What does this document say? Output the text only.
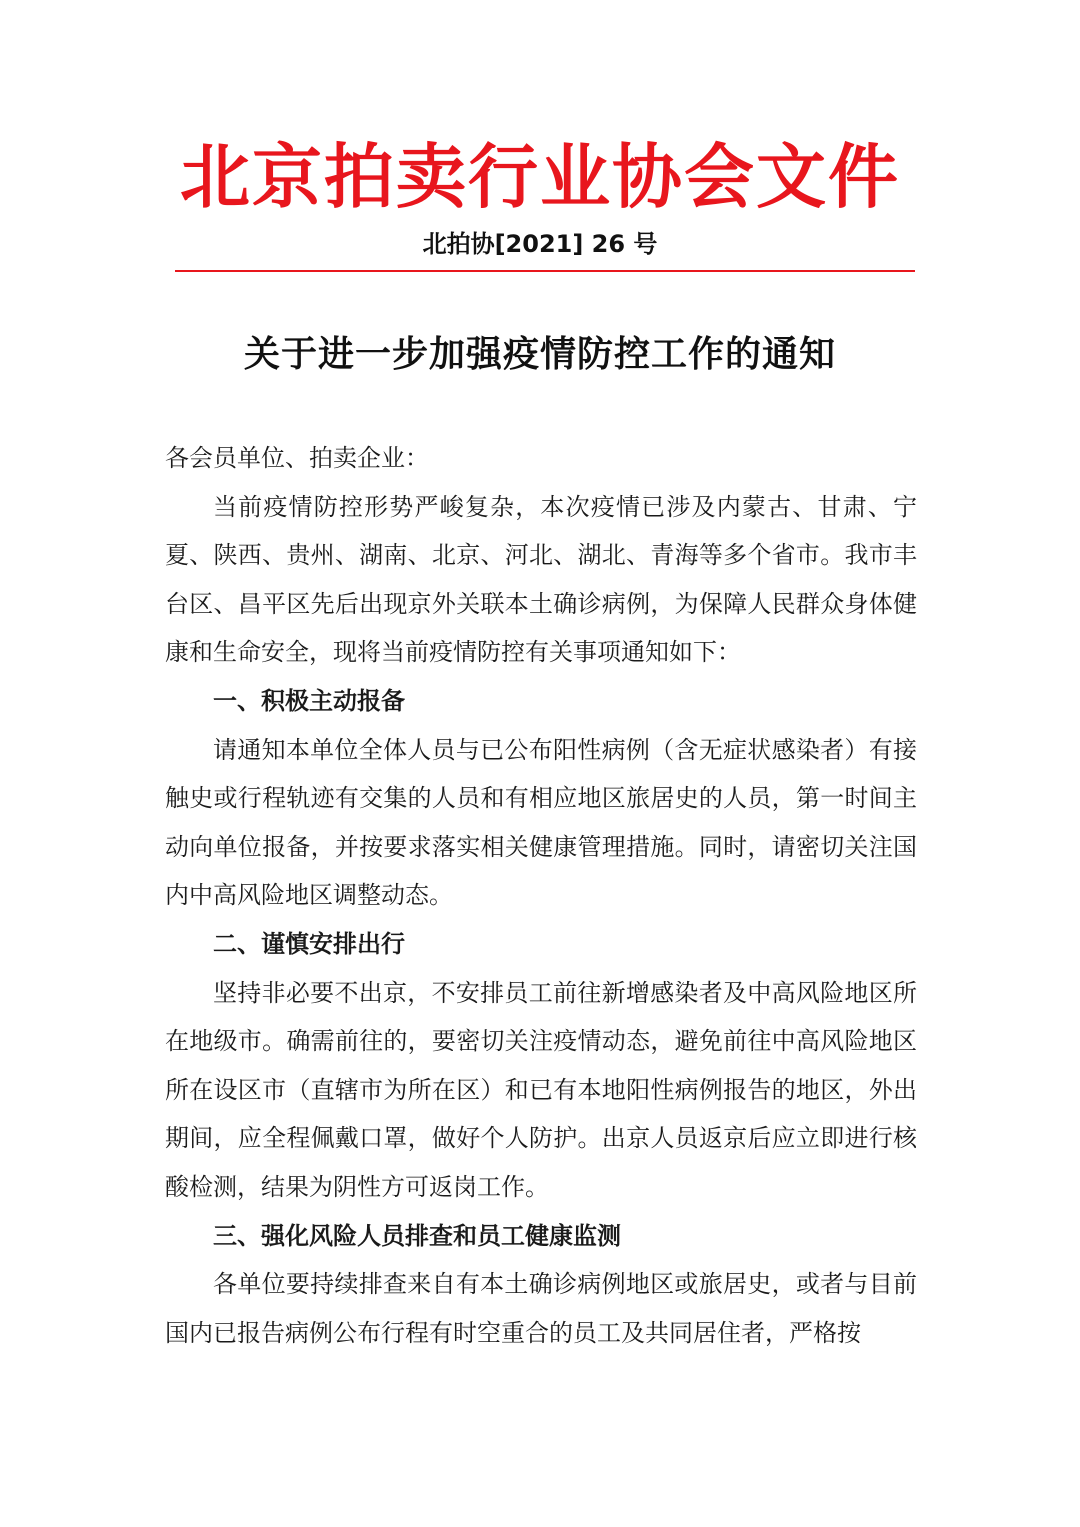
北京拍卖行业协会文件
北拍协[2021] 26 号
关于进一步加强疫情防控工作的通知

各会员单位、拍卖企业：

当前疫情防控形势严峻复杂，本次疫情已涉及内蒙古、甘肃、宁夏、陕西、贵州、湖南、北京、河北、湖北、青海等多个省市。我市丰台区、昌平区先后出现京外关联本土确诊病例，为保障人民群众身体健康和生命安全，现将当前疫情防控有关事项通知如下：

一、积极主动报备

请通知本单位全体人员与已公布阳性病例（含无症状感染者）有接触史或行程轨迹有交集的人员和有相应地区旅居史的人员，第一时间主动向单位报备，并按要求落实相关健康管理措施。同时，请密切关注国内中高风险地区调整动态。

二、谨慎安排出行

坚持非必要不出京，不安排员工前往新增感染者及中高风险地区所在地级市。确需前往的，要密切关注疫情动态，避免前往中高风险地区所在设区市（直辖市为所在区）和已有本地阳性病例报告的地区，外出期间，应全程佩戴口罩，做好个人防护。出京人员返京后应立即进行核酸检测，结果为阴性方可返岗工作。

三、强化风险人员排查和员工健康监测

各单位要持续排查来自有本土确诊病例地区或旅居史，或者与目前国内已报告病例公布行程有时空重合的员工及共同居住者，严格按
